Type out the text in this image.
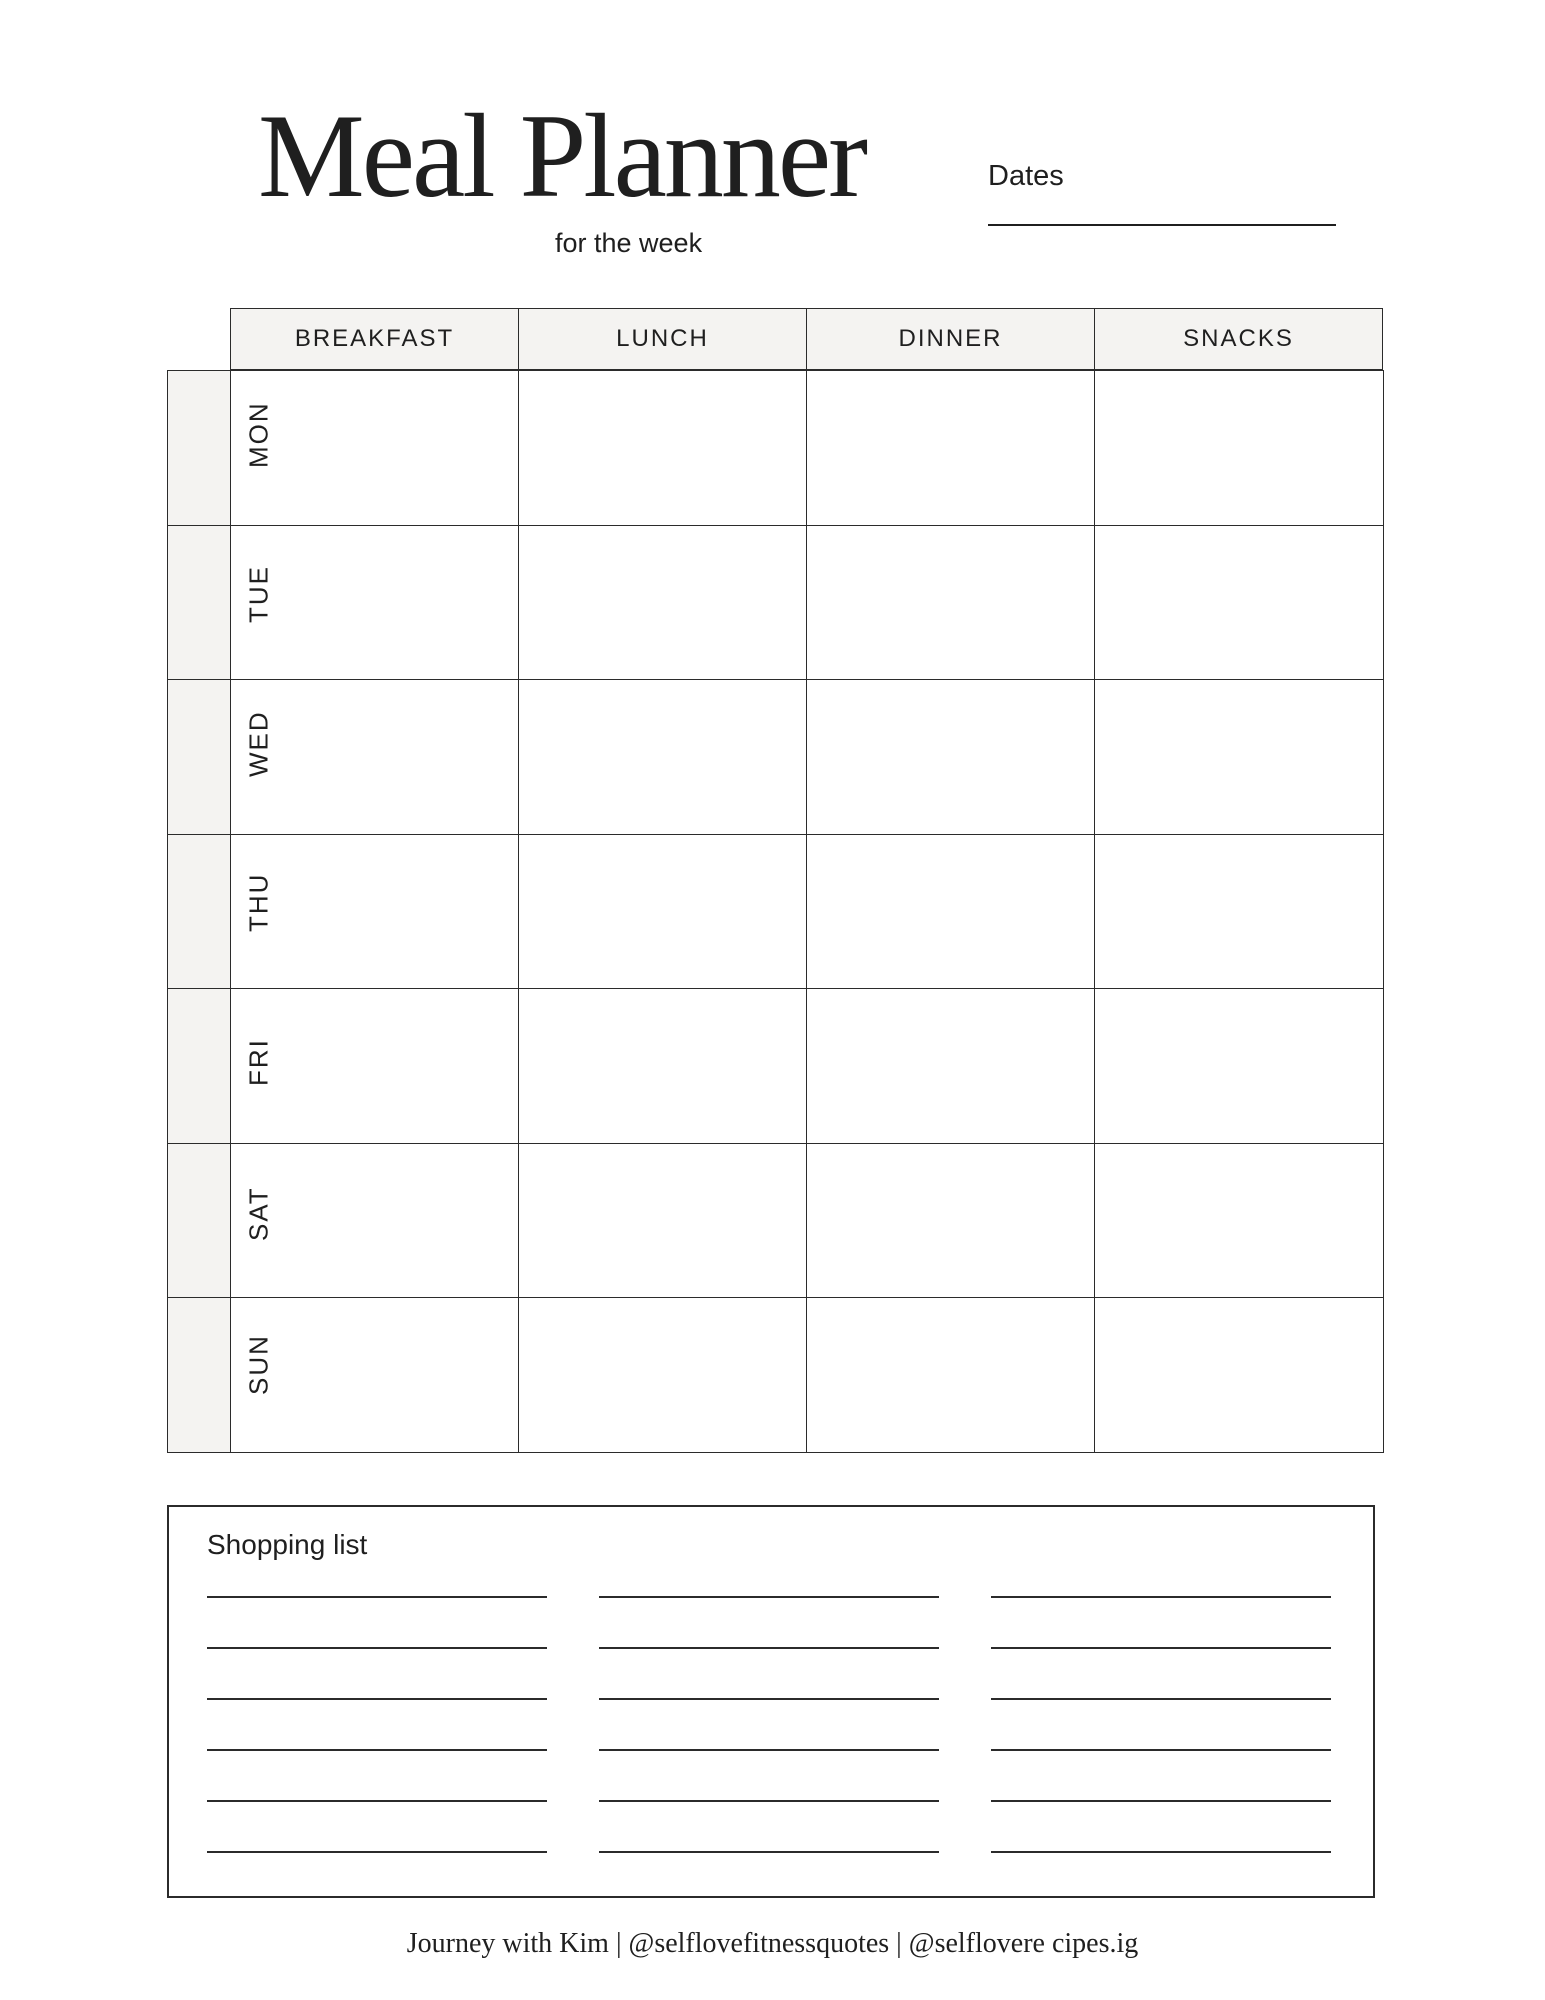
Meal Planner
for the week
Dates
BREAKFAST	LUNCH	DINNER	SNACKS
MON
TUE
WED
THU
FRI
SAT
SUN
Shopping list
Journey with Kim | @selflovefitnessquotes | @selflovere cipes.ig
